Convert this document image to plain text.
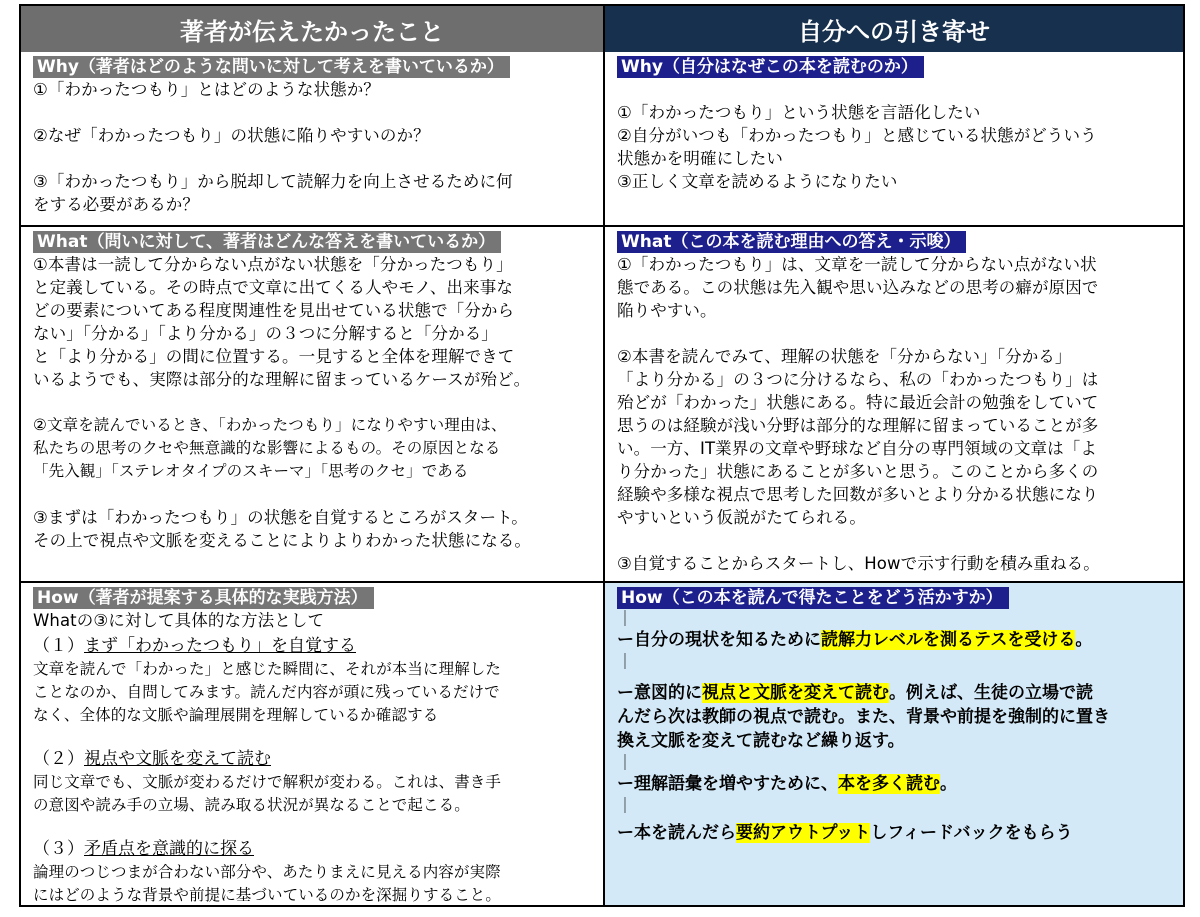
著者が伝えたかったこと	自分への引き寄せ
Why（著者はどのような問いに対して考えを書いているか）
①「わかったつもり」とはどのような状態か？
②なぜ「わかったつもり」の状態に陥りやすいのか？
③「わかったつもり」から脱却して読解力を向上させるために何
をする必要があるか？
Why（自分はなぜこの本を読むのか）
①「わかったつもり」という状態を言語化したい
②自分がいつも「わかったつもり」と感じている状態がどういう
状態かを明確にしたい
③正しく文章を読めるようになりたい
What（問いに対して、著者はどんな答えを書いているか）
①本書は一読して分からない点がない状態を「分かったつもり」
と定義している。その時点で文章に出てくる人やモノ、出来事な
どの要素についてある程度関連性を見出せている状態で「分から
ない」「分かる」「より分かる」の３つに分解すると「分かる」
と「より分かる」の間に位置する。一見すると全体を理解できて
いるようでも、実際は部分的な理解に留まっているケースが殆ど。
②文章を読んでいるとき、「わかったつもり」になりやすい理由は、
私たちの思考のクセや無意識的な影響によるもの。その原因となる
「先入観」「ステレオタイプのスキーマ」「思考のクセ」である
③まずは「わかったつもり」の状態を自覚するところがスタート。
その上で視点や文脈を変えることによりよりわかった状態になる。
What（この本を読む理由への答え・示唆）
①「わかったつもり」は、文章を一読して分からない点がない状
態である。この状態は先入観や思い込みなどの思考の癖が原因で
陥りやすい。
②本書を読んでみて、理解の状態を「分からない」「分かる」
「より分かる」の３つに分けるなら、私の「わかったつもり」は
殆どが「わかった」状態にある。特に最近会計の勉強をしていて
思うのは経験が浅い分野は部分的な理解に留まっていることが多
い。一方、IT業界の文章や野球など自分の専門領域の文章は「よ
り分かった」状態にあることが多いと思う。このことから多くの
経験や多様な視点で思考した回数が多いとより分かる状態になり
やすいという仮説がたてられる。
③自覚することからスタートし、Howで示す行動を積み重ねる。
How（著者が提案する具体的な実践方法）
Whatの③に対して具体的な方法として
（１）まず「わかったつもり」を自覚する
文章を読んで「わかった」と感じた瞬間に、それが本当に理解した
ことなのか、自問してみます。読んだ内容が頭に残っているだけで
なく、全体的な文脈や論理展開を理解しているか確認する
（２）視点や文脈を変えて読む
同じ文章でも、文脈が変わるだけで解釈が変わる。これは、書き手
の意図や読み手の立場、読み取る状況が異なることで起こる。
（３）矛盾点を意識的に探る
論理のつじつまが合わない部分や、あたりまえに見える内容が実際
にはどのような背景や前提に基づいているのかを深掘りすること。
How（この本を読んで得たことをどう活かすか）
｜
ー自分の現状を知るために読解力レベルを測るテスを受ける。
｜
ー意図的に視点と文脈を変えて読む。例えば、生徒の立場で読
んだら次は教師の視点で読む。また、背景や前提を強制的に置き
換え文脈を変えて読むなど繰り返す。
｜
ー理解語彙を増やすために、本を多く読む。
｜
ー本を読んだら要約アウトプットしフィードバックをもらう
